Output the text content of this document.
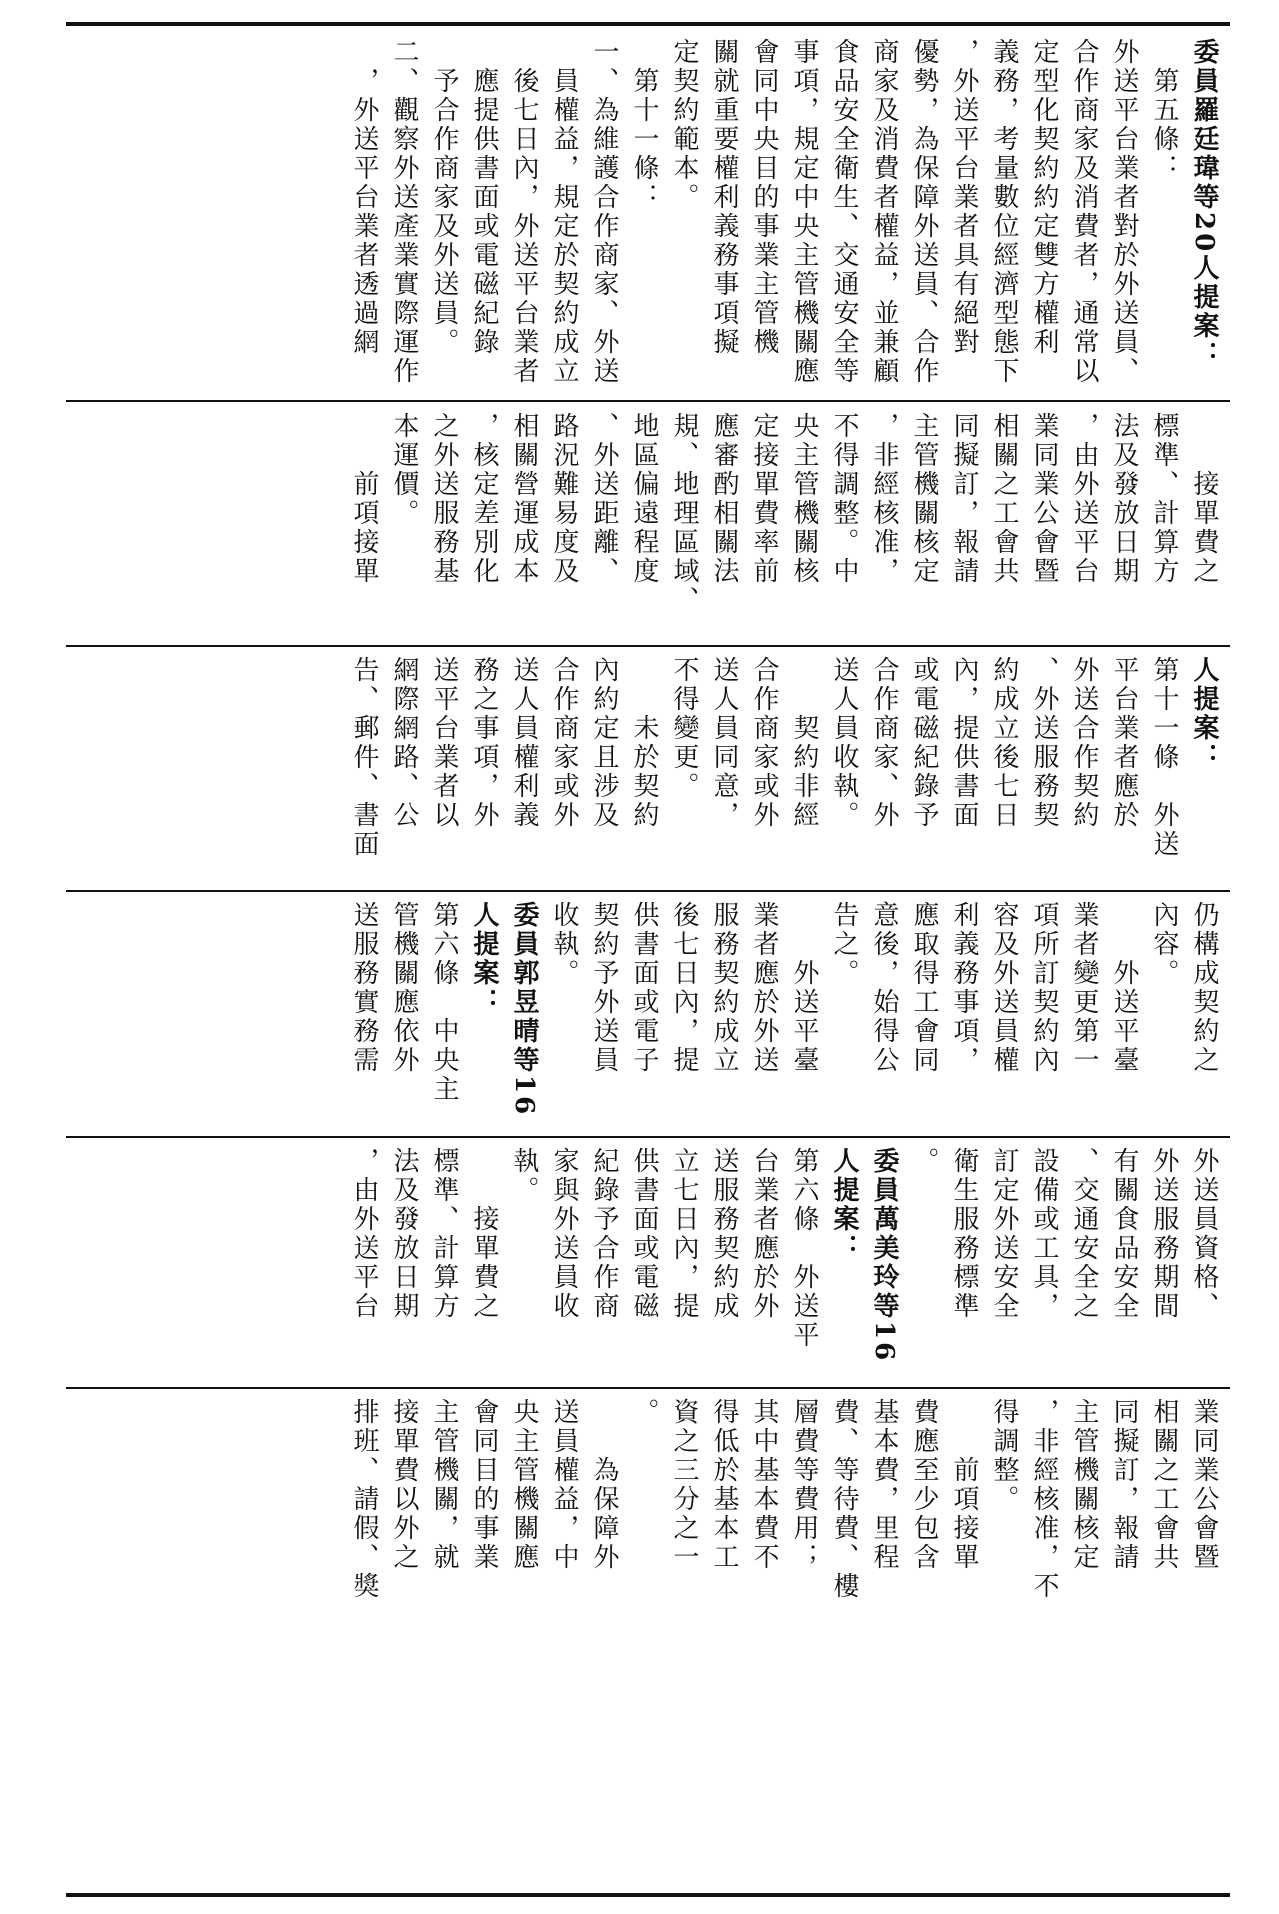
委員羅廷瑋等20人提案：
　第五條：
外送平台業者對於外送員、
合作商家及消費者，通常以
定型化契約約定雙方權利
義務，考量數位經濟型態下
，外送平台業者具有絕對
優勢，為保障外送員、合作
商家及消費者權益，並兼顧
食品安全衛生、交通安全等
事項，規定中央主管機關應
會同中央目的事業主管機
關就重要權利義務事項擬
定契約範本。
　第十一條：
一、為維護合作商家、外送
　員權益，規定於契約成立
　後七日內，外送平台業者
　應提供書面或電磁紀錄
　予合作商家及外送員。
二、觀察外送產業實際運作
　，外送平台業者透過網
　　接單費之
標準、計算方
法及發放日期
，由外送平台
業同業公會暨
相關之工會共
同擬訂，報請
主管機關核定
，非經核准，
不得調整。中
央主管機關核
定接單費率前
應審酌相關法
規、地理區域、
地區偏遠程度
、外送距離、
路況難易度及
相關營運成本
，核定差別化
之外送服務基
本運價。
　　前項接單
人提案：
第十一條　外送
平台業者應於
外送合作契約
、外送服務契
約成立後七日
內，提供書面
或電磁紀錄予
合作商家、外
送人員收執。
　　契約非經
合作商家或外
送人員同意，
不得變更。
　　未於契約
內約定且涉及
合作商家或外
送人員權利義
務之事項，外
送平台業者以
網際網路、公
告、郵件、書面
仍構成契約之
內容。
　　外送平臺
業者變更第一
項所訂契約內
容及外送員權
利義務事項，
應取得工會同
意後，始得公
告之。
　　外送平臺
業者應於外送
服務契約成立
後七日內，提
供書面或電子
契約予外送員
收執。
委員郭昱晴等16
人提案：
第六條　中央主
管機關應依外
送服務實務需
外送員資格、
外送服務期間
有關食品安全
、交通安全之
設備或工具，
訂定外送安全
衛生服務標準
。
委員萬美玲等16
人提案：
第六條　外送平
台業者應於外
送服務契約成
立七日內，提
供書面或電磁
紀錄予合作商
家與外送員收
執。
　　接單費之
標準、計算方
法及發放日期
，由外送平台
業同業公會暨
相關之工會共
同擬訂，報請
主管機關核定
，非經核准，不
得調整。
　　前項接單
費應至少包含
基本費，里程
費、等待費、樓
層費等費用；
其中基本費不
得低於基本工
資之三分之一
。
　　為保障外
送員權益，中
央主管機關應
會同目的事業
主管機關，就
接單費以外之
排班、請假、獎
